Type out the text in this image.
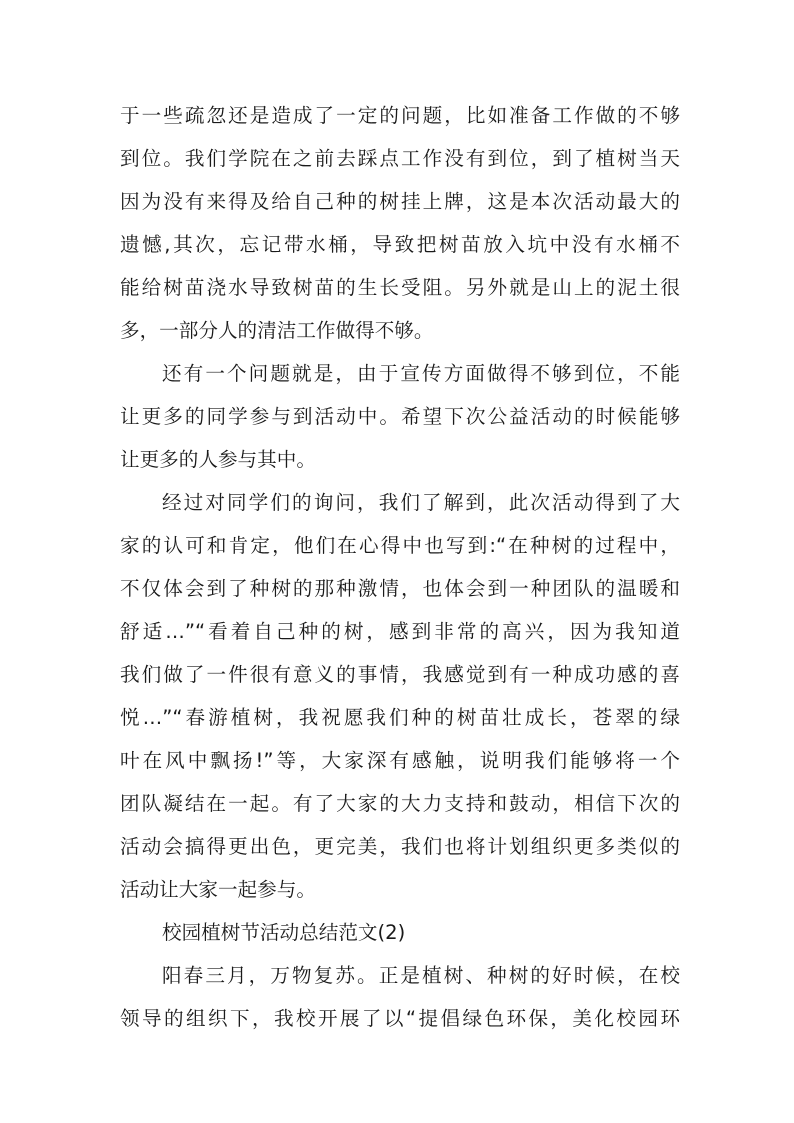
于一些疏忽还是造成了一定的问题，比如准备工作做的不够
到位。我们学院在之前去踩点工作没有到位，到了植树当天
因为没有来得及给自己种的树挂上牌，这是本次活动最大的
遗憾,其次，忘记带水桶，导致把树苗放入坑中没有水桶不
能给树苗浇水导致树苗的生长受阻。另外就是山上的泥土很
多，一部分人的清洁工作做得不够。
还有一个问题就是，由于宣传方面做得不够到位，不能
让更多的同学参与到活动中。希望下次公益活动的时候能够
让更多的人参与其中。
经过对同学们的询问，我们了解到，此次活动得到了大
家的认可和肯定，他们在心得中也写到:“在种树的过程中，
不仅体会到了种树的那种激情，也体会到一种团队的温暖和
舒适…”“看着自己种的树，感到非常的高兴，因为我知道
我们做了一件很有意义的事情，我感觉到有一种成功感的喜
悦…”“春游植树，我祝愿我们种的树苗壮成长，苍翠的绿
叶在风中飘扬!”等，大家深有感触，说明我们能够将一个
团队凝结在一起。有了大家的大力支持和鼓动，相信下次的
活动会搞得更出色，更完美，我们也将计划组织更多类似的
活动让大家一起参与。
校园植树节活动总结范文(2)
阳春三月，万物复苏。正是植树、种树的好时候，在校
领导的组织下，我校开展了以“提倡绿色环保，美化校园环
